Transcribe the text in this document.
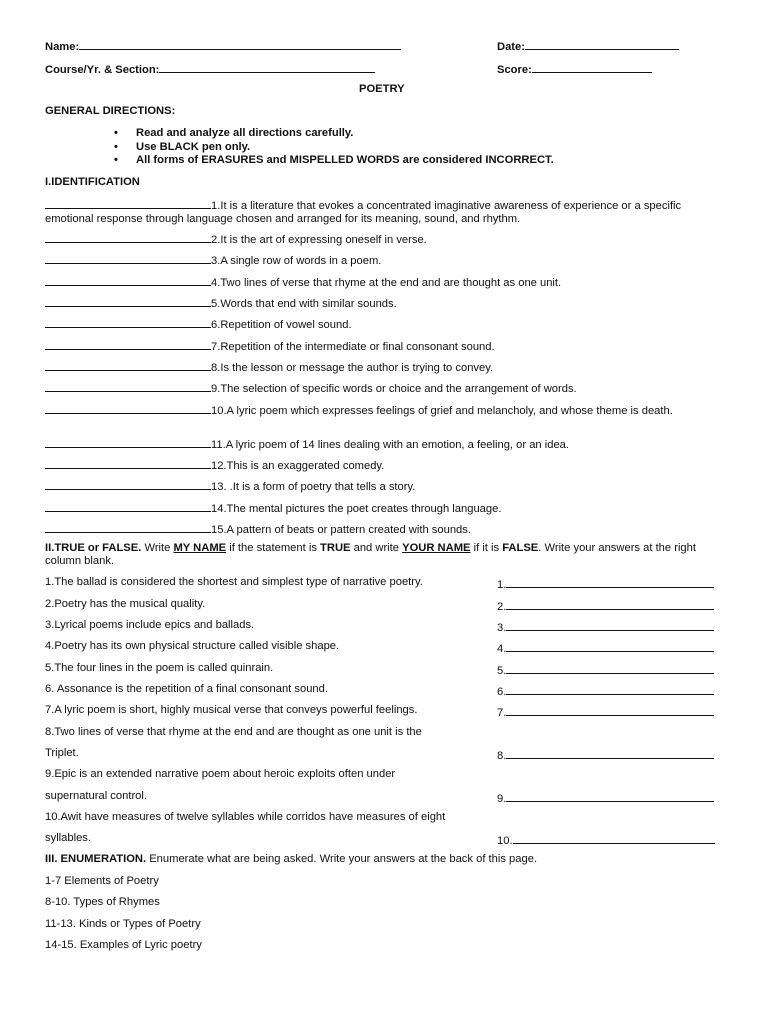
Name:	Date:
Course/Yr. & Section:	Score:
POETRY
GENERAL DIRECTIONS:
• Read and analyze all directions carefully.
• Use BLACK pen only.
• All forms of ERASURES and MISPELLED WORDS are considered INCORRECT.
I.IDENTIFICATION
1.It is a literature that evokes a concentrated imaginative awareness of experience or a specific emotional response through language chosen and arranged for its meaning, sound, and rhythm.
2.It is the art of expressing oneself in verse.
3.A single row of words in a poem.
4.Two lines of verse that rhyme at the end and are thought as one unit.
5.Words that end with similar sounds.
6.Repetition of vowel sound.
7.Repetition of the intermediate or final consonant sound.
8.Is the lesson or message the author is trying to convey.
9.The selection of specific words or choice and the arrangement of words.
10.A lyric poem which expresses feelings of grief and melancholy, and whose theme is death.
11.A lyric poem of 14 lines dealing with an emotion, a feeling, or an idea.
12.This is an exaggerated comedy.
13. .It is a form of poetry that tells a story.
14.The mental pictures the poet creates through language.
15.A pattern of beats or pattern created with sounds.
II.TRUE or FALSE. Write MY NAME if the statement is TRUE and write YOUR NAME if it is FALSE. Write your answers at the right column blank.
1.The ballad is considered the shortest and simplest type of narrative poetry.
2.Poetry has the musical quality.
3.Lyrical poems include epics and ballads.
4.Poetry has its own physical structure called visible shape.
5.The four lines in the poem is called quinrain.
6. Assonance is the repetition of a final consonant sound.
7.A lyric poem is short, highly musical verse that conveys powerful feelings.
8.Two lines of verse that rhyme at the end and are thought as one unit is the
Triplet.
9.Epic is an extended narrative poem about heroic exploits often under
supernatural control.
10.Awit have measures of twelve syllables while corridos have measures of eight
syllables.
1.
2.
3.
4.
5.
6.
7.
8.
9.
10.
III. ENUMERATION. Enumerate what are being asked. Write your answers at the back of this page.
1-7 Elements of Poetry
8-10. Types of Rhymes
11-13. Kinds or Types of Poetry
14-15. Examples of Lyric poetry
